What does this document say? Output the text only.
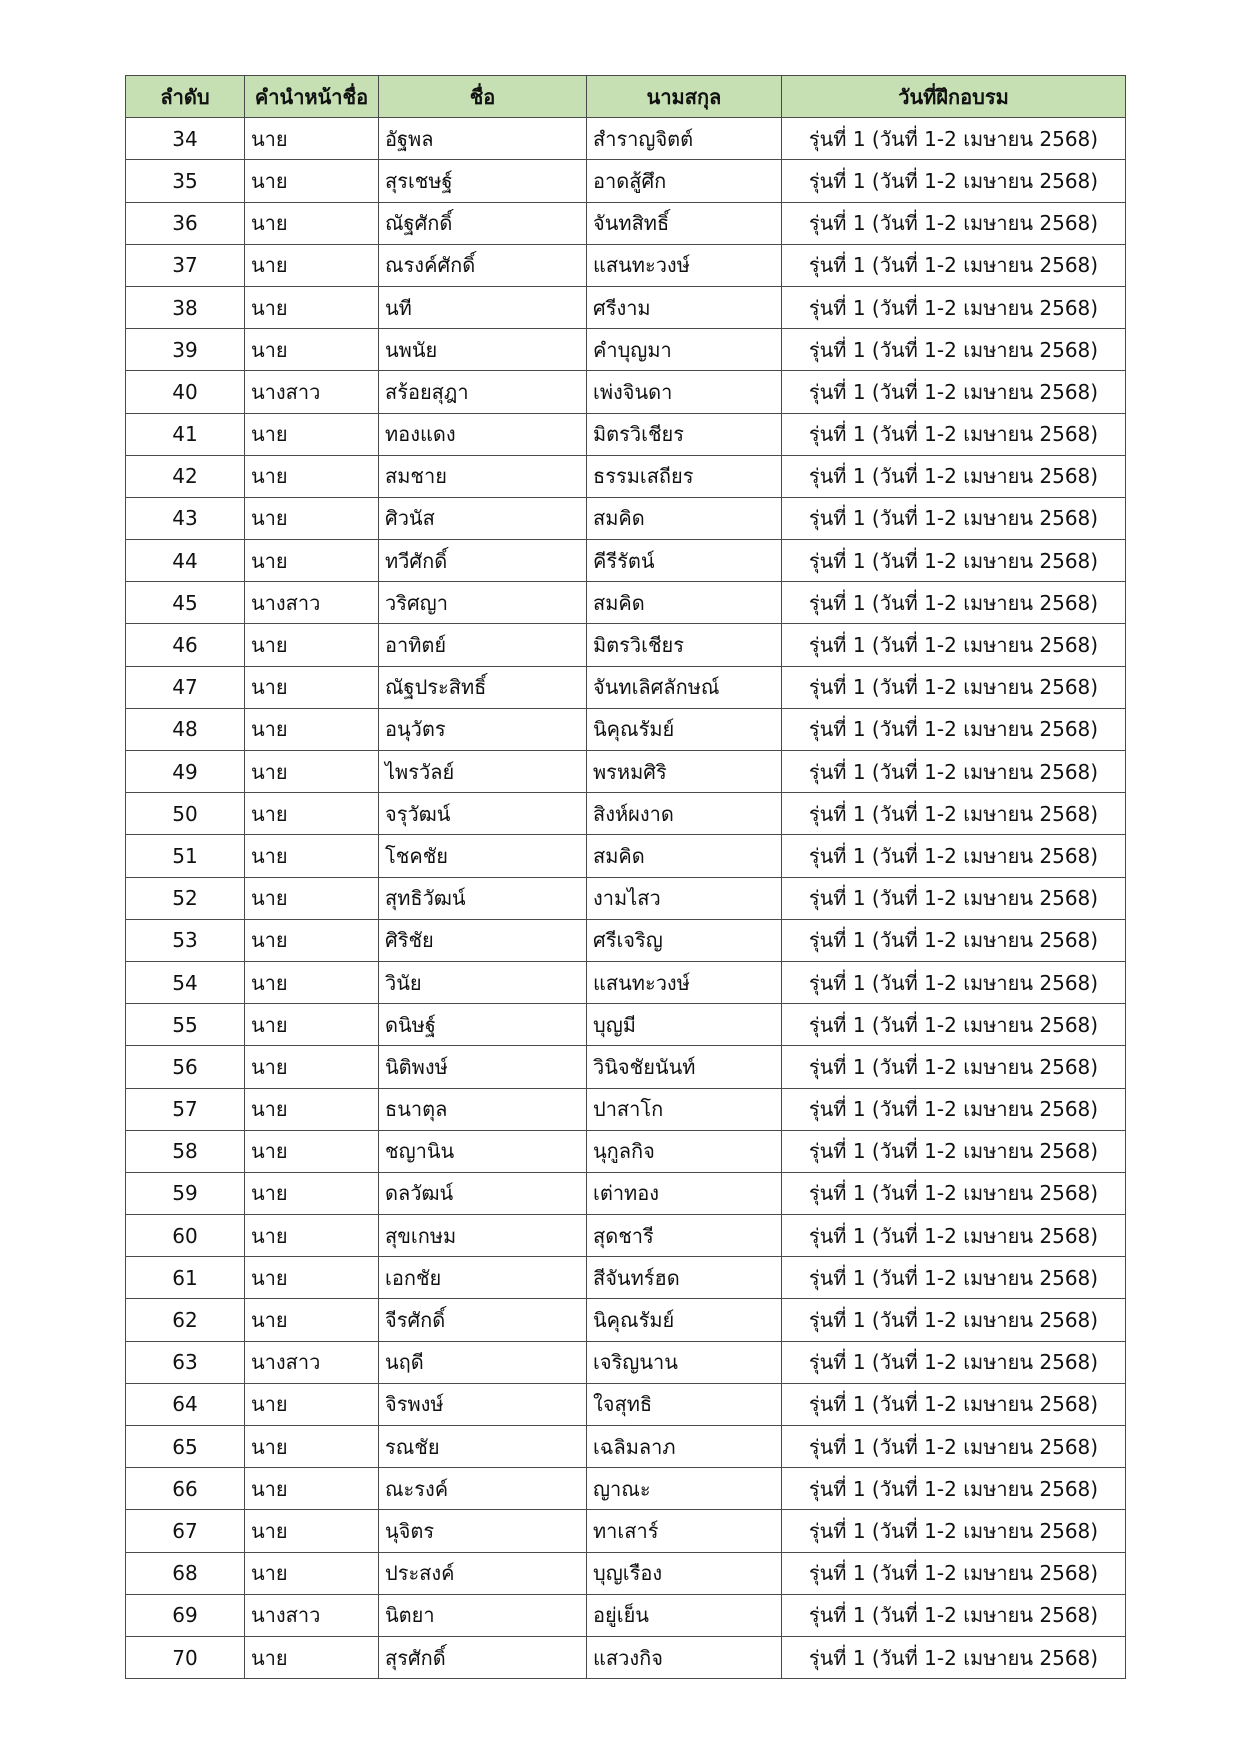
ลำดับ	คำนำหน้าชื่อ	ชื่อ	นามสกุล	วันที่ฝึกอบรม
34	นาย	อัฐพล	สำราญจิตต์	รุ่นที่ 1 (วันที่ 1-2 เมษายน 2568)
35	นาย	สุรเชษฐ์	อาดสู้ศึก	รุ่นที่ 1 (วันที่ 1-2 เมษายน 2568)
36	นาย	ณัฐศักดิ์	จันทสิทธิ์	รุ่นที่ 1 (วันที่ 1-2 เมษายน 2568)
37	นาย	ณรงค์ศักดิ์	แสนทะวงษ์	รุ่นที่ 1 (วันที่ 1-2 เมษายน 2568)
38	นาย	นที	ศรีงาม	รุ่นที่ 1 (วันที่ 1-2 เมษายน 2568)
39	นาย	นพนัย	คำบุญมา	รุ่นที่ 1 (วันที่ 1-2 เมษายน 2568)
40	นางสาว	สร้อยสุฎา	เพ่งจินดา	รุ่นที่ 1 (วันที่ 1-2 เมษายน 2568)
41	นาย	ทองแดง	มิตรวิเชียร	รุ่นที่ 1 (วันที่ 1-2 เมษายน 2568)
42	นาย	สมชาย	ธรรมเสถียร	รุ่นที่ 1 (วันที่ 1-2 เมษายน 2568)
43	นาย	ศิวนัส	สมคิด	รุ่นที่ 1 (วันที่ 1-2 เมษายน 2568)
44	นาย	ทวีศักดิ์	คีรีรัตน์	รุ่นที่ 1 (วันที่ 1-2 เมษายน 2568)
45	นางสาว	วริศญา	สมคิด	รุ่นที่ 1 (วันที่ 1-2 เมษายน 2568)
46	นาย	อาทิตย์	มิตรวิเชียร	รุ่นที่ 1 (วันที่ 1-2 เมษายน 2568)
47	นาย	ณัฐประสิทธิ์	จันทเลิศลักษณ์	รุ่นที่ 1 (วันที่ 1-2 เมษายน 2568)
48	นาย	อนุวัตร	นิคุณรัมย์	รุ่นที่ 1 (วันที่ 1-2 เมษายน 2568)
49	นาย	ไพรวัลย์	พรหมศิริ	รุ่นที่ 1 (วันที่ 1-2 เมษายน 2568)
50	นาย	จรุวัฒน์	สิงห์ผงาด	รุ่นที่ 1 (วันที่ 1-2 เมษายน 2568)
51	นาย	โชคชัย	สมคิด	รุ่นที่ 1 (วันที่ 1-2 เมษายน 2568)
52	นาย	สุทธิวัฒน์	งามไสว	รุ่นที่ 1 (วันที่ 1-2 เมษายน 2568)
53	นาย	ศิริชัย	ศรีเจริญ	รุ่นที่ 1 (วันที่ 1-2 เมษายน 2568)
54	นาย	วินัย	แสนทะวงษ์	รุ่นที่ 1 (วันที่ 1-2 เมษายน 2568)
55	นาย	ดนิษฐ์	บุญมี	รุ่นที่ 1 (วันที่ 1-2 เมษายน 2568)
56	นาย	นิติพงษ์	วินิจชัยนันท์	รุ่นที่ 1 (วันที่ 1-2 เมษายน 2568)
57	นาย	ธนาตุล	ปาสาโก	รุ่นที่ 1 (วันที่ 1-2 เมษายน 2568)
58	นาย	ชญานิน	นุกูลกิจ	รุ่นที่ 1 (วันที่ 1-2 เมษายน 2568)
59	นาย	ดลวัฒน์	เต่าทอง	รุ่นที่ 1 (วันที่ 1-2 เมษายน 2568)
60	นาย	สุขเกษม	สุดชารี	รุ่นที่ 1 (วันที่ 1-2 เมษายน 2568)
61	นาย	เอกชัย	สีจันทร์ฮด	รุ่นที่ 1 (วันที่ 1-2 เมษายน 2568)
62	นาย	จีรศักดิ์	นิคุณรัมย์	รุ่นที่ 1 (วันที่ 1-2 เมษายน 2568)
63	นางสาว	นฤดี	เจริญนาน	รุ่นที่ 1 (วันที่ 1-2 เมษายน 2568)
64	นาย	จิรพงษ์	ใจสุทธิ	รุ่นที่ 1 (วันที่ 1-2 เมษายน 2568)
65	นาย	รณชัย	เฉลิมลาภ	รุ่นที่ 1 (วันที่ 1-2 เมษายน 2568)
66	นาย	ณะรงค์	ญาณะ	รุ่นที่ 1 (วันที่ 1-2 เมษายน 2568)
67	นาย	นุจิตร	ทาเสาร์	รุ่นที่ 1 (วันที่ 1-2 เมษายน 2568)
68	นาย	ประสงค์	บุญเรือง	รุ่นที่ 1 (วันที่ 1-2 เมษายน 2568)
69	นางสาว	นิตยา	อยู่เย็น	รุ่นที่ 1 (วันที่ 1-2 เมษายน 2568)
70	นาย	สุรศักดิ์	แสวงกิจ	รุ่นที่ 1 (วันที่ 1-2 เมษายน 2568)
